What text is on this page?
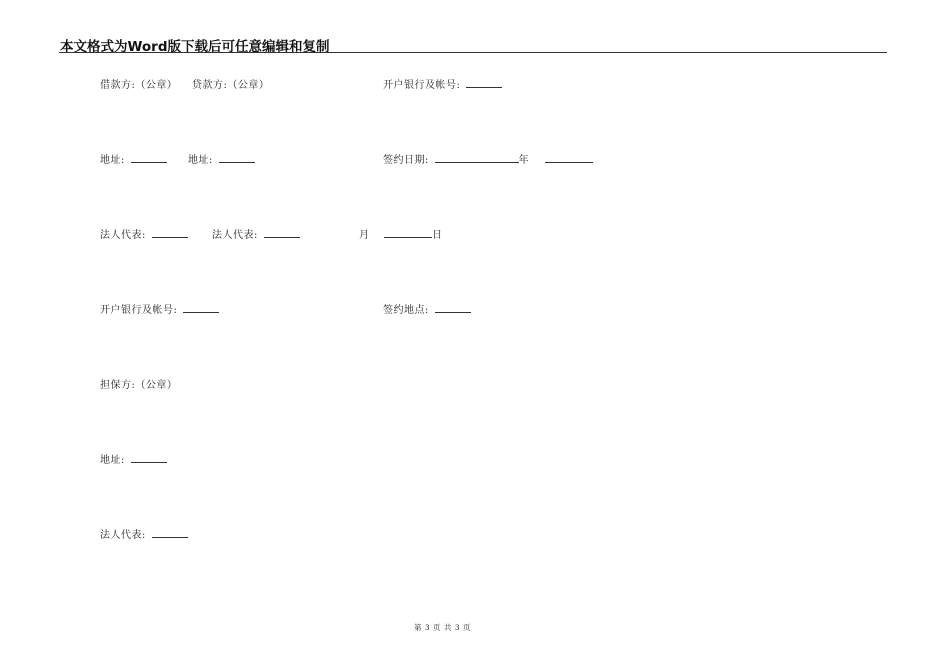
本文格式为Word版下载后可任意编辑和复制
借款方:（公章） 贷款方:（公章）	开户银行及帐号:
地址:	地址:	签约日期:	年
法人代表:	法人代表:	月	日
开户银行及帐号:	签约地点:
担保方:（公章）
地址:
法人代表:
第 3 页 共 3 页
